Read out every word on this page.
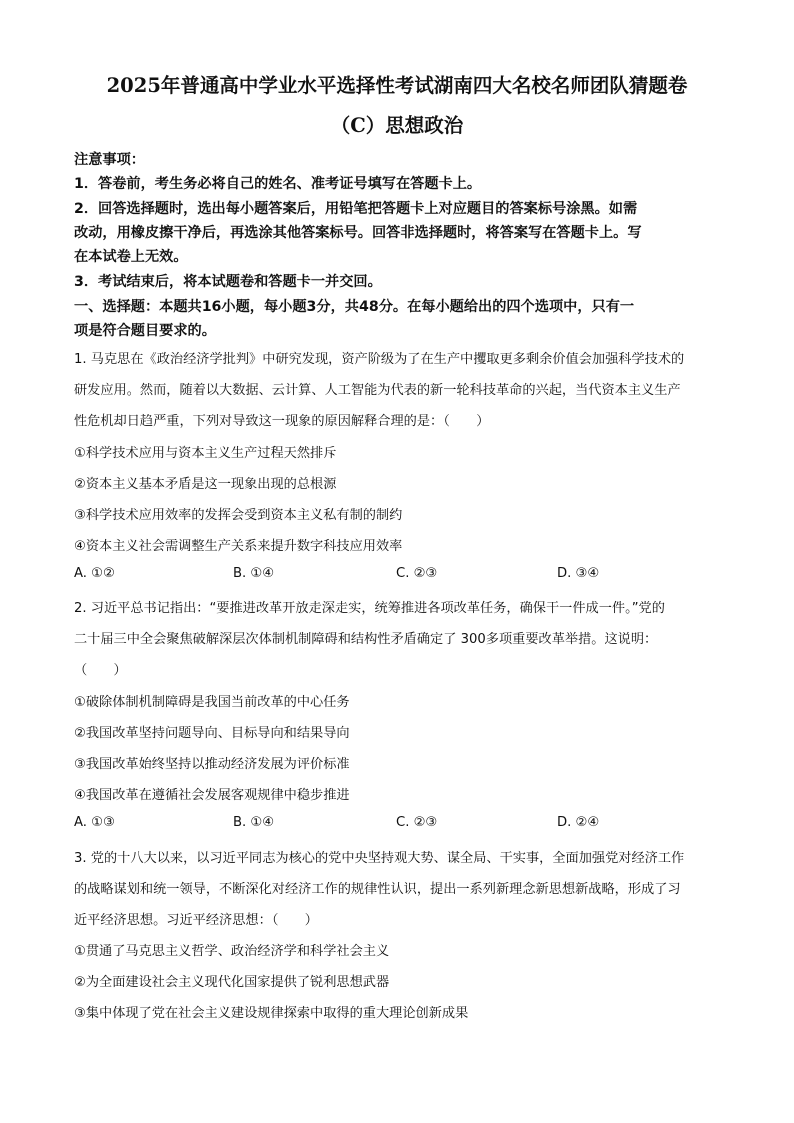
2025年普通高中学业水平选择性考试湖南四大名校名师团队猜题卷
（C）思想政治
注意事项：
1．答卷前，考生务必将自己的姓名、准考证号填写在答题卡上。
2．回答选择题时，选出每小题答案后，用铅笔把答题卡上对应题目的答案标号涂黑。如需
改动，用橡皮擦干净后，再选涂其他答案标号。回答非选择题时，将答案写在答题卡上。写
在本试卷上无效。
3．考试结束后，将本试题卷和答题卡一并交回。
一、选择题：本题共16小题，每小题3分，共48分。在每小题给出的四个选项中，只有一
项是符合题目要求的。
1. 马克思在《政治经济学批判》中研究发现，资产阶级为了在生产中攫取更多剩余价值会加强科学技术的
研发应用。然而，随着以大数据、云计算、人工智能为代表的新一轮科技革命的兴起，当代资本主义生产
性危机却日趋严重，下列对导致这一现象的原因解释合理的是：（　　）
①科学技术应用与资本主义生产过程天然排斥
②资本主义基本矛盾是这一现象出现的总根源
③科学技术应用效率的发挥会受到资本主义私有制的制约
④资本主义社会需调整生产关系来提升数字科技应用效率
A. ①②	B. ①④	C. ②③	D. ③④
2. 习近平总书记指出：“要推进改革开放走深走实，统筹推进各项改革任务，确保干一件成一件。”党的
二十届三中全会聚焦破解深层次体制机制障碍和结构性矛盾确定了 300多项重要改革举措。这说明：
（　　）
①破除体制机制障碍是我国当前改革的中心任务
②我国改革坚持问题导向、目标导向和结果导向
③我国改革始终坚持以推动经济发展为评价标准
④我国改革在遵循社会发展客观规律中稳步推进
A. ①③	B. ①④	C. ②③	D. ②④
3. 党的十八大以来，以习近平同志为核心的党中央坚持观大势、谋全局、干实事，全面加强党对经济工作
的战略谋划和统一领导，不断深化对经济工作的规律性认识，提出一系列新理念新思想新战略，形成了习
近平经济思想。习近平经济思想：（　　）
①贯通了马克思主义哲学、政治经济学和科学社会主义
②为全面建设社会主义现代化国家提供了锐利思想武器
③集中体现了党在社会主义建设规律探索中取得的重大理论创新成果
